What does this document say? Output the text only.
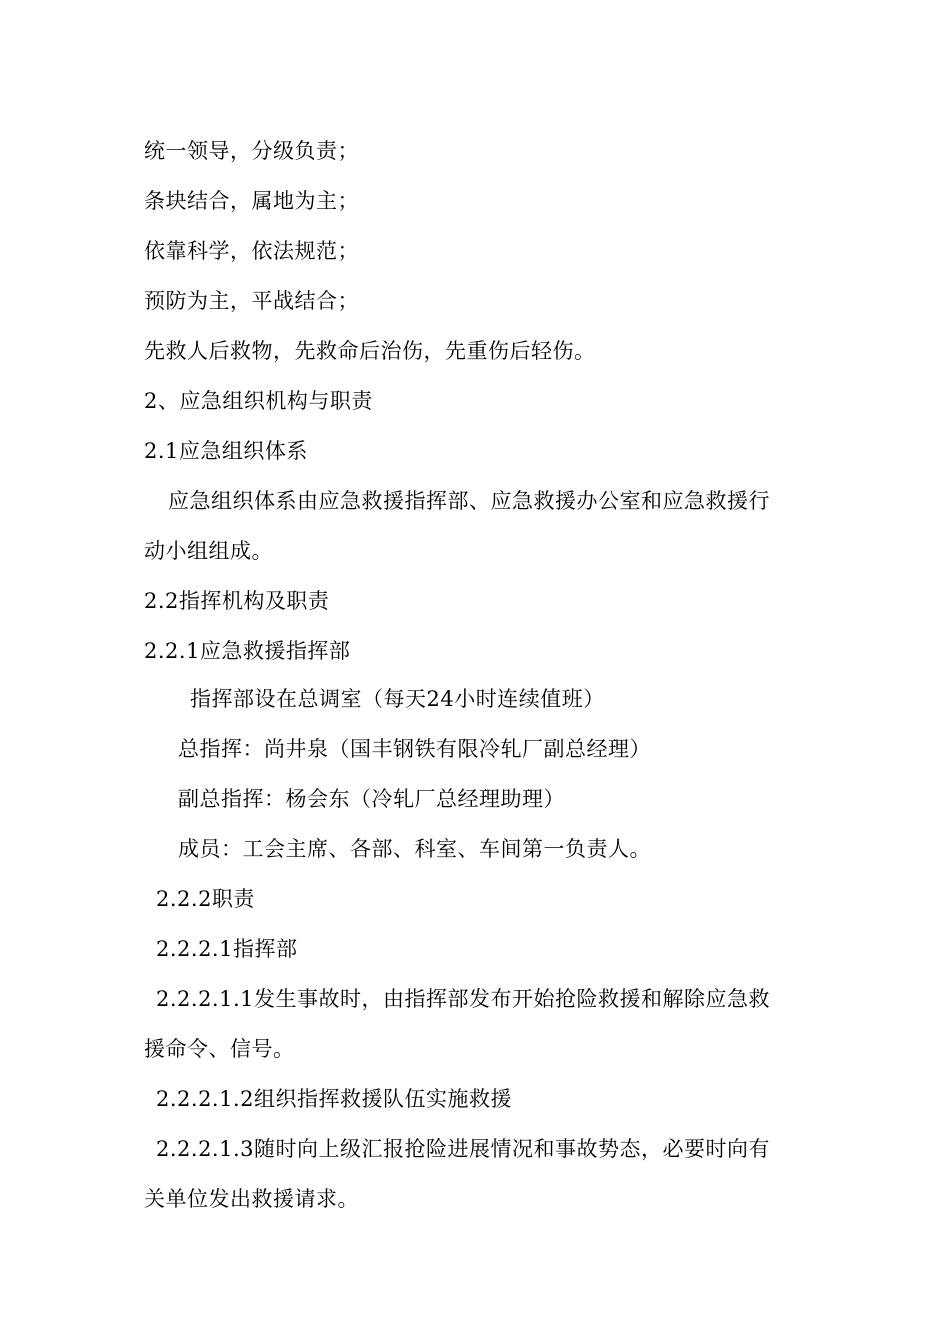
统一领导，分级负责；
条块结合，属地为主；
依靠科学，依法规范；
预防为主，平战结合；
先救人后救物，先救命后治伤，先重伤后轻伤。
2、应急组织机构与职责
2.1应急组织体系
应急组织体系由应急救援指挥部、应急救援办公室和应急救援行
动小组组成。
2.2指挥机构及职责
2.2.1应急救援指挥部
指挥部设在总调室（每天24小时连续值班）
总指挥：尚井泉（国丰钢铁有限冷轧厂副总经理）
副总指挥：杨会东（冷轧厂总经理助理）
成员：工会主席、各部、科室、车间第一负责人。
2.2.2职责
2.2.2.1指挥部
2.2.2.1.1发生事故时，由指挥部发布开始抢险救援和解除应急救
援命令、信号。
2.2.2.1.2组织指挥救援队伍实施救援
2.2.2.1.3随时向上级汇报抢险进展情况和事故势态，必要时向有
关单位发出救援请求。
